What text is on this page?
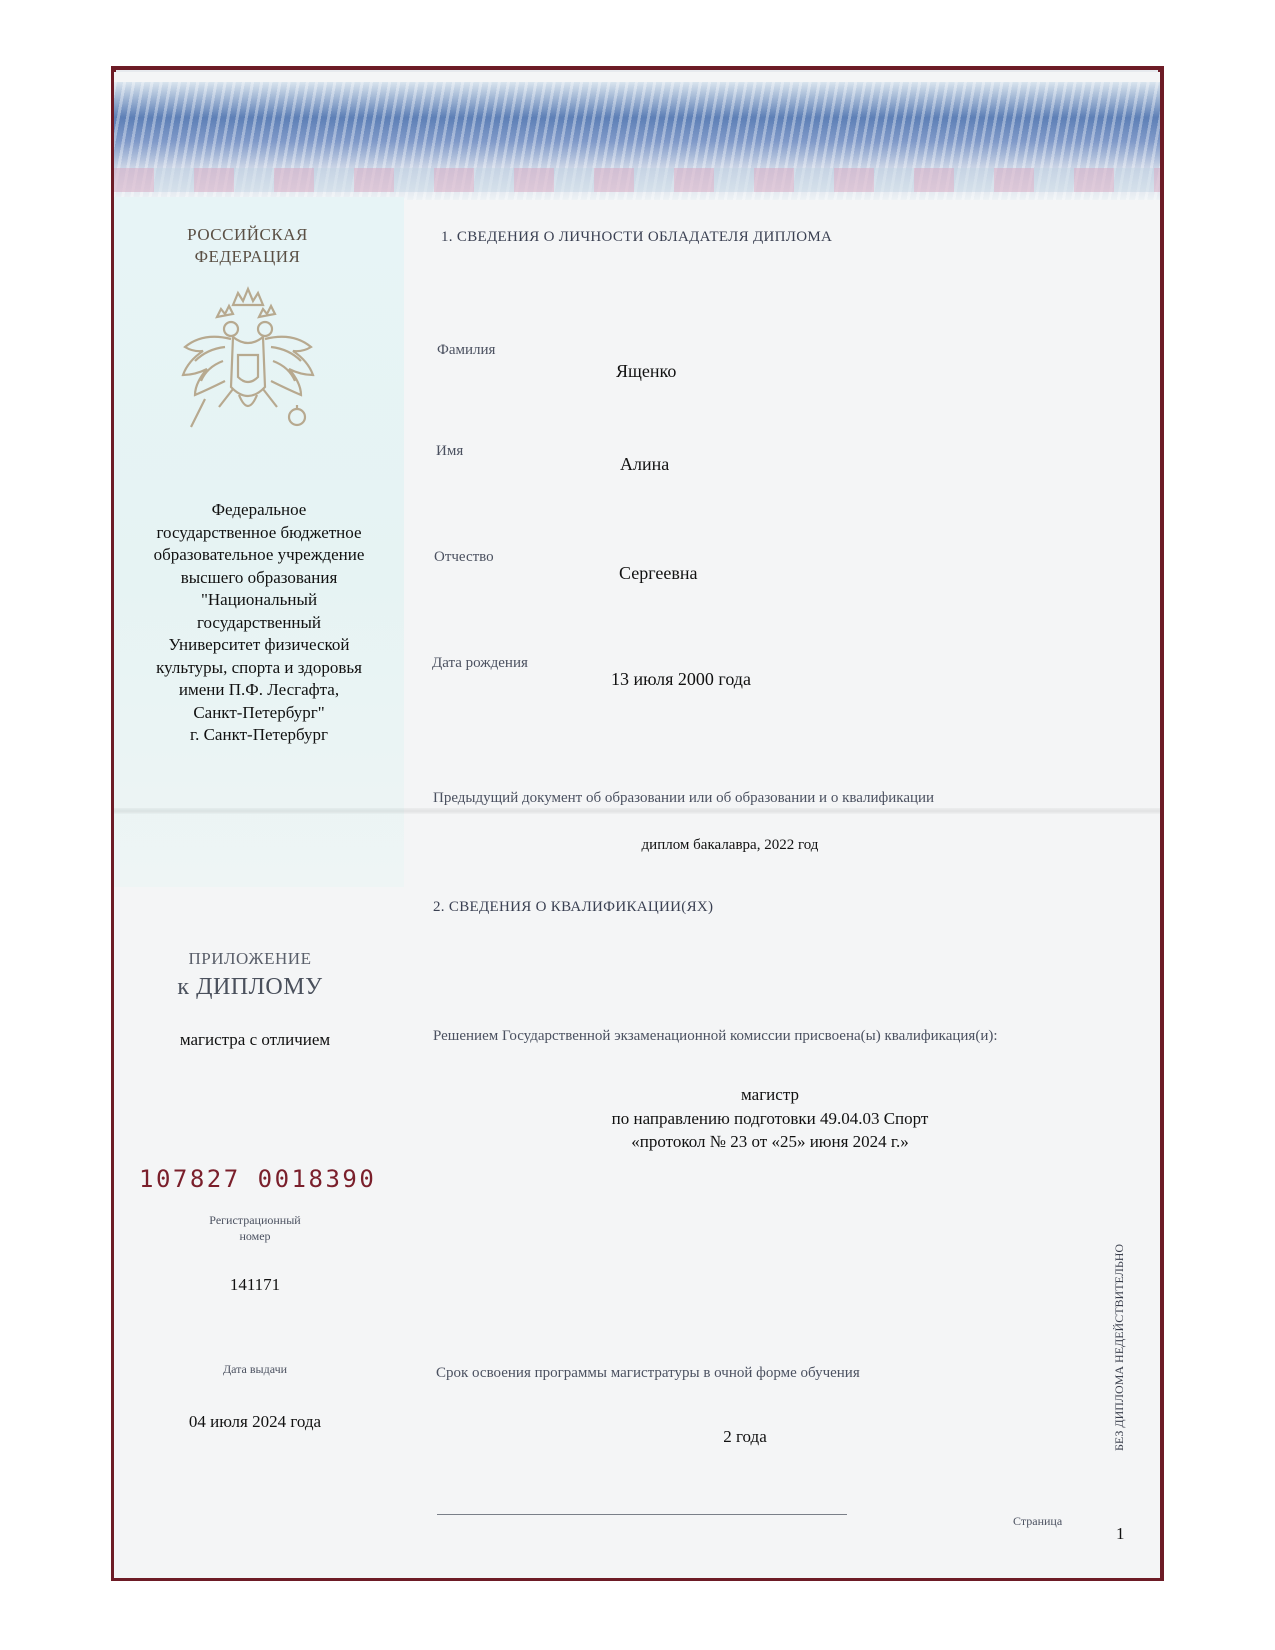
РОССИЙСКАЯ
ФЕДЕРАЦИЯ
Федеральное
государственное бюджетное
образовательное учреждение
высшего образования
"Национальный
государственный
Университет физической
культуры, спорта и здоровья
имени П.Ф. Лесгафта,
Санкт-Петербург"
г. Санкт-Петербург
ПРИЛОЖЕНИЕ
к ДИПЛОМУ
магистра с отличием
107827 0018390
Регистрационный
номер
141171
Дата выдачи
04 июля 2024 года
1. СВЕДЕНИЯ О ЛИЧНОСТИ ОБЛАДАТЕЛЯ ДИПЛОМА
Фамилия
Ященко
Имя
Алина
Отчество
Сергеевна
Дата рождения
13 июля 2000 года
Предыдущий документ об образовании или об образовании и о квалификации
диплом бакалавра, 2022 год
2. СВЕДЕНИЯ О КВАЛИФИКАЦИИ(ЯХ)
Решением Государственной экзаменационной комиссии присвоена(ы) квалификация(и):
магистр
по направлению подготовки 49.04.03 Спорт
«протокол № 23 от «25» июня 2024 г.»
Срок освоения программы магистратуры в очной форме обучения
2 года
Страница
1
БЕЗ ДИПЛОМА НЕДЕЙСТВИТЕЛЬНО
